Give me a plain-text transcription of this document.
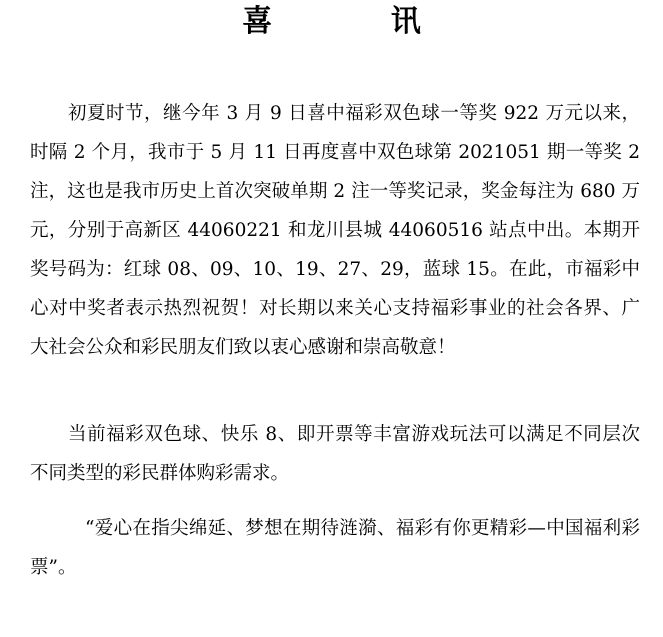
喜 讯
初夏时节，继今年 3 月 9 日喜中福彩双色球一等奖 922 万元以来，时隔 2 个月，我市于 5 月 11 日再度喜中双色球第 2021051 期一等奖 2 注，这也是我市历史上首次突破单期 2 注一等奖记录，奖金每注为 680 万元，分别于高新区 44060221 和龙川县城 44060516 站点中出。本期开奖号码为：红球 08、09、10、19、27、29，蓝球 15。在此，市福彩中心对中奖者表示热烈祝贺！对长期以来关心支持福彩事业的社会各界、广大社会公众和彩民朋友们致以衷心感谢和崇高敬意！
当前福彩双色球、快乐 8、即开票等丰富游戏玩法可以满足不同层次不同类型的彩民群体购彩需求。
“爱心在指尖绵延、梦想在期待涟漪、福彩有你更精彩—中国福利彩票”。
